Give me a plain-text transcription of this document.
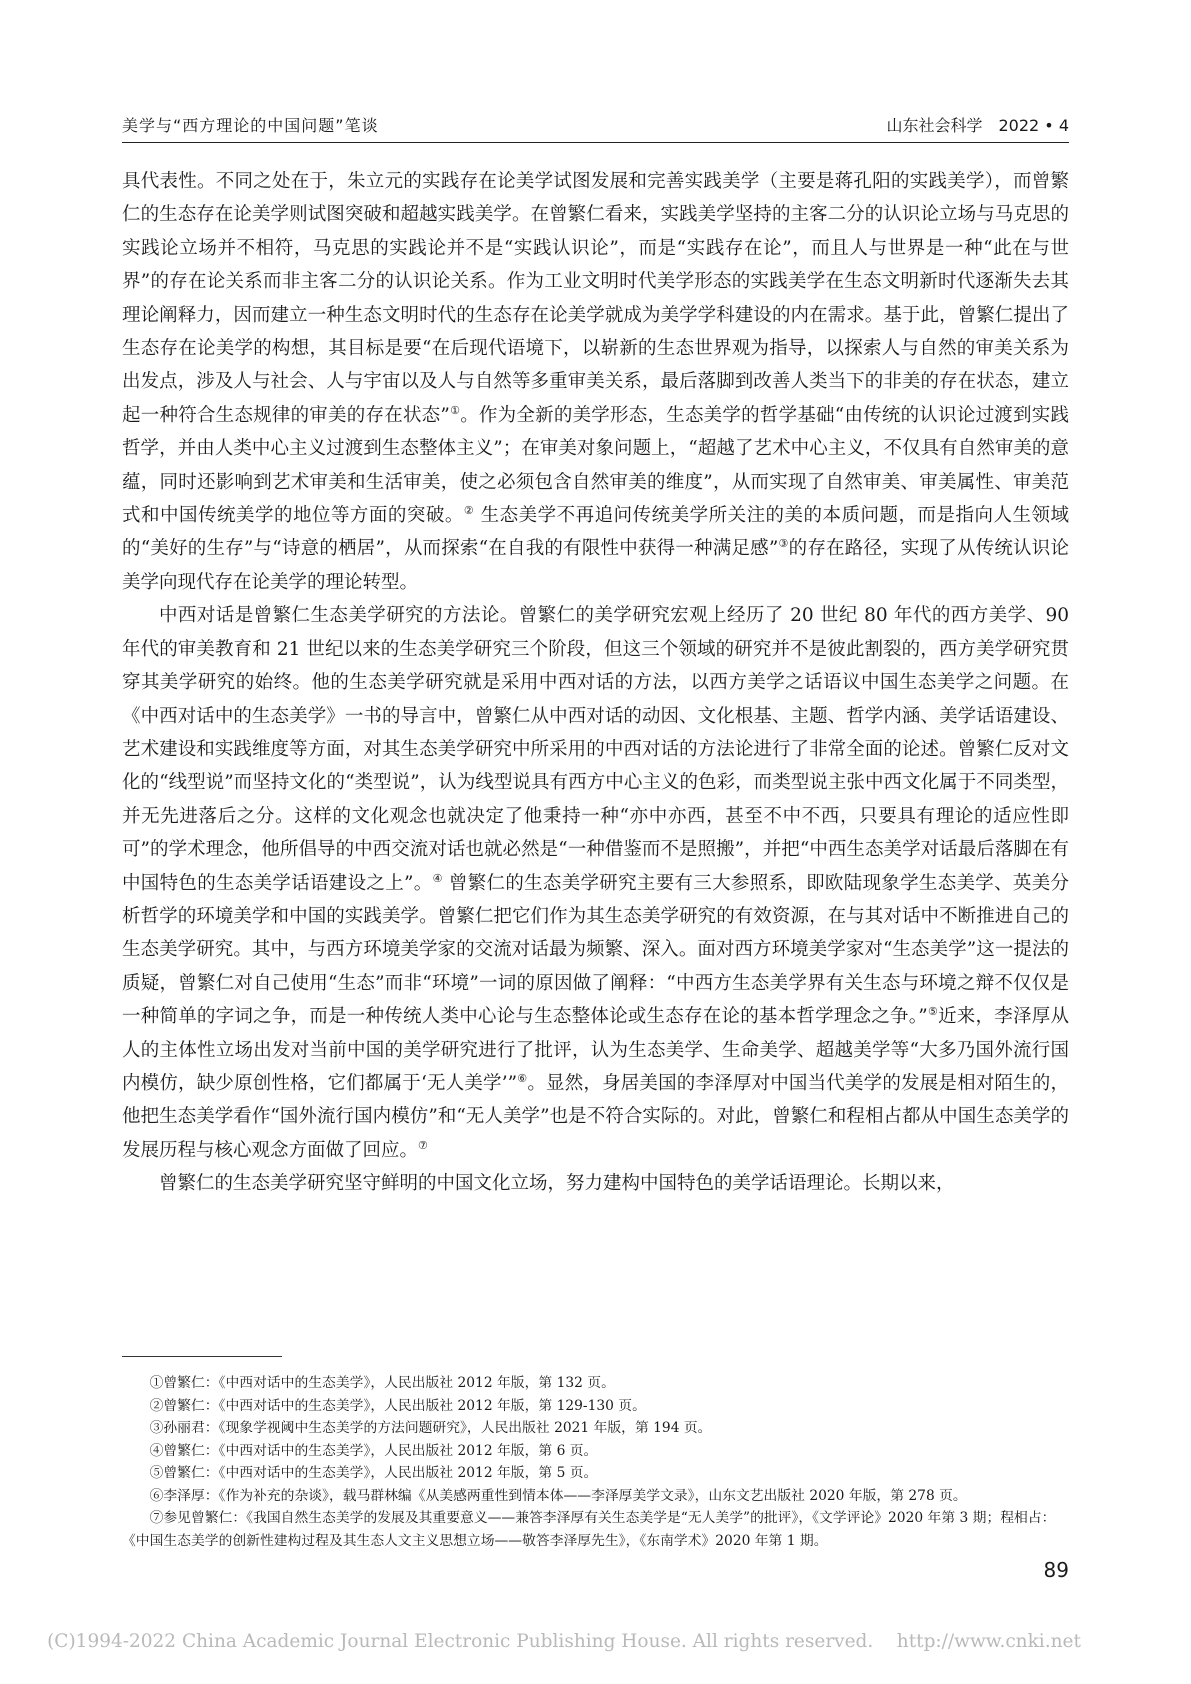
美学与“西方理论的中国问题”笔谈	山东社会科学　2022 • 4

具代表性。不同之处在于，朱立元的实践存在论美学试图发展和完善实践美学（主要是蒋孔阳的实践美学），而曾繁仁的生态存在论美学则试图突破和超越实践美学。在曾繁仁看来，实践美学坚持的主客二分的认识论立场与马克思的实践论立场并不相符，马克思的实践论并不是“实践认识论”，而是“实践存在论”，而且人与世界是一种“此在与世界”的存在论关系而非主客二分的认识论关系。作为工业文明时代美学形态的实践美学在生态文明新时代逐渐失去其理论阐释力，因而建立一种生态文明时代的生态存在论美学就成为美学学科建设的内在需求。基于此，曾繁仁提出了生态存在论美学的构想，其目标是要“在后现代语境下，以崭新的生态世界观为指导，以探索人与自然的审美关系为出发点，涉及人与社会、人与宇宙以及人与自然等多重审美关系，最后落脚到改善人类当下的非美的存在状态，建立起一种符合生态规律的审美的存在状态”①。作为全新的美学形态，生态美学的哲学基础“由传统的认识论过渡到实践哲学，并由人类中心主义过渡到生态整体主义”；在审美对象问题上，“超越了艺术中心主义，不仅具有自然审美的意蕴，同时还影响到艺术审美和生活审美，使之必须包含自然审美的维度”，从而实现了自然审美、审美属性、审美范式和中国传统美学的地位等方面的突破。② 生态美学不再追问传统美学所关注的美的本质问题，而是指向人生领域的“美好的生存”与“诗意的栖居”，从而探索“在自我的有限性中获得一种满足感”③的存在路径，实现了从传统认识论美学向现代存在论美学的理论转型。

中西对话是曾繁仁生态美学研究的方法论。曾繁仁的美学研究宏观上经历了 20 世纪 80 年代的西方美学、90 年代的审美教育和 21 世纪以来的生态美学研究三个阶段，但这三个领域的研究并不是彼此割裂的，西方美学研究贯穿其美学研究的始终。他的生态美学研究就是采用中西对话的方法，以西方美学之话语议中国生态美学之问题。在《中西对话中的生态美学》一书的导言中，曾繁仁从中西对话的动因、文化根基、主题、哲学内涵、美学话语建设、艺术建设和实践维度等方面，对其生态美学研究中所采用的中西对话的方法论进行了非常全面的论述。曾繁仁反对文化的“线型说”而坚持文化的“类型说”，认为线型说具有西方中心主义的色彩，而类型说主张中西文化属于不同类型，并无先进落后之分。这样的文化观念也就决定了他秉持一种“亦中亦西，甚至不中不西，只要具有理论的适应性即可”的学术理念，他所倡导的中西交流对话也就必然是“一种借鉴而不是照搬”，并把“中西生态美学对话最后落脚在有中国特色的生态美学话语建设之上”。④ 曾繁仁的生态美学研究主要有三大参照系，即欧陆现象学生态美学、英美分析哲学的环境美学和中国的实践美学。曾繁仁把它们作为其生态美学研究的有效资源，在与其对话中不断推进自己的生态美学研究。其中，与西方环境美学家的交流对话最为频繁、深入。面对西方环境美学家对“生态美学”这一提法的质疑，曾繁仁对自己使用“生态”而非“环境”一词的原因做了阐释：“中西方生态美学界有关生态与环境之辩不仅仅是一种简单的字词之争，而是一种传统人类中心论与生态整体论或生态存在论的基本哲学理念之争。”⑤近来，李泽厚从人的主体性立场出发对当前中国的美学研究进行了批评，认为生态美学、生命美学、超越美学等“大多乃国外流行国内模仿，缺少原创性格，它们都属于‘无人美学’”⑥。显然，身居美国的李泽厚对中国当代美学的发展是相对陌生的，他把生态美学看作“国外流行国内模仿”和“无人美学”也是不符合实际的。对此，曾繁仁和程相占都从中国生态美学的发展历程与核心观念方面做了回应。⑦

曾繁仁的生态美学研究坚守鲜明的中国文化立场，努力建构中国特色的美学话语理论。长期以来，

①曾繁仁：《中西对话中的生态美学》，人民出版社 2012 年版，第 132 页。
②曾繁仁：《中西对话中的生态美学》，人民出版社 2012 年版，第 129-130 页。
③孙丽君：《现象学视阈中生态美学的方法问题研究》，人民出版社 2021 年版，第 194 页。
④曾繁仁：《中西对话中的生态美学》，人民出版社 2012 年版，第 6 页。
⑤曾繁仁：《中西对话中的生态美学》，人民出版社 2012 年版，第 5 页。
⑥李泽厚：《作为补充的杂谈》，载马群林编《从美感两重性到情本体——李泽厚美学文录》，山东文艺出版社 2020 年版，第 278 页。
⑦参见曾繁仁：《我国自然生态美学的发展及其重要意义——兼答李泽厚有关生态美学是“无人美学”的批评》，《文学评论》2020 年第 3 期；程相占：《中国生态美学的创新性建构过程及其生态人文主义思想立场——敬答李泽厚先生》，《东南学术》2020 年第 1 期。
89
(C)1994-2022 China Academic Journal Electronic Publishing House. All rights reserved.    http://www.cnki.net
